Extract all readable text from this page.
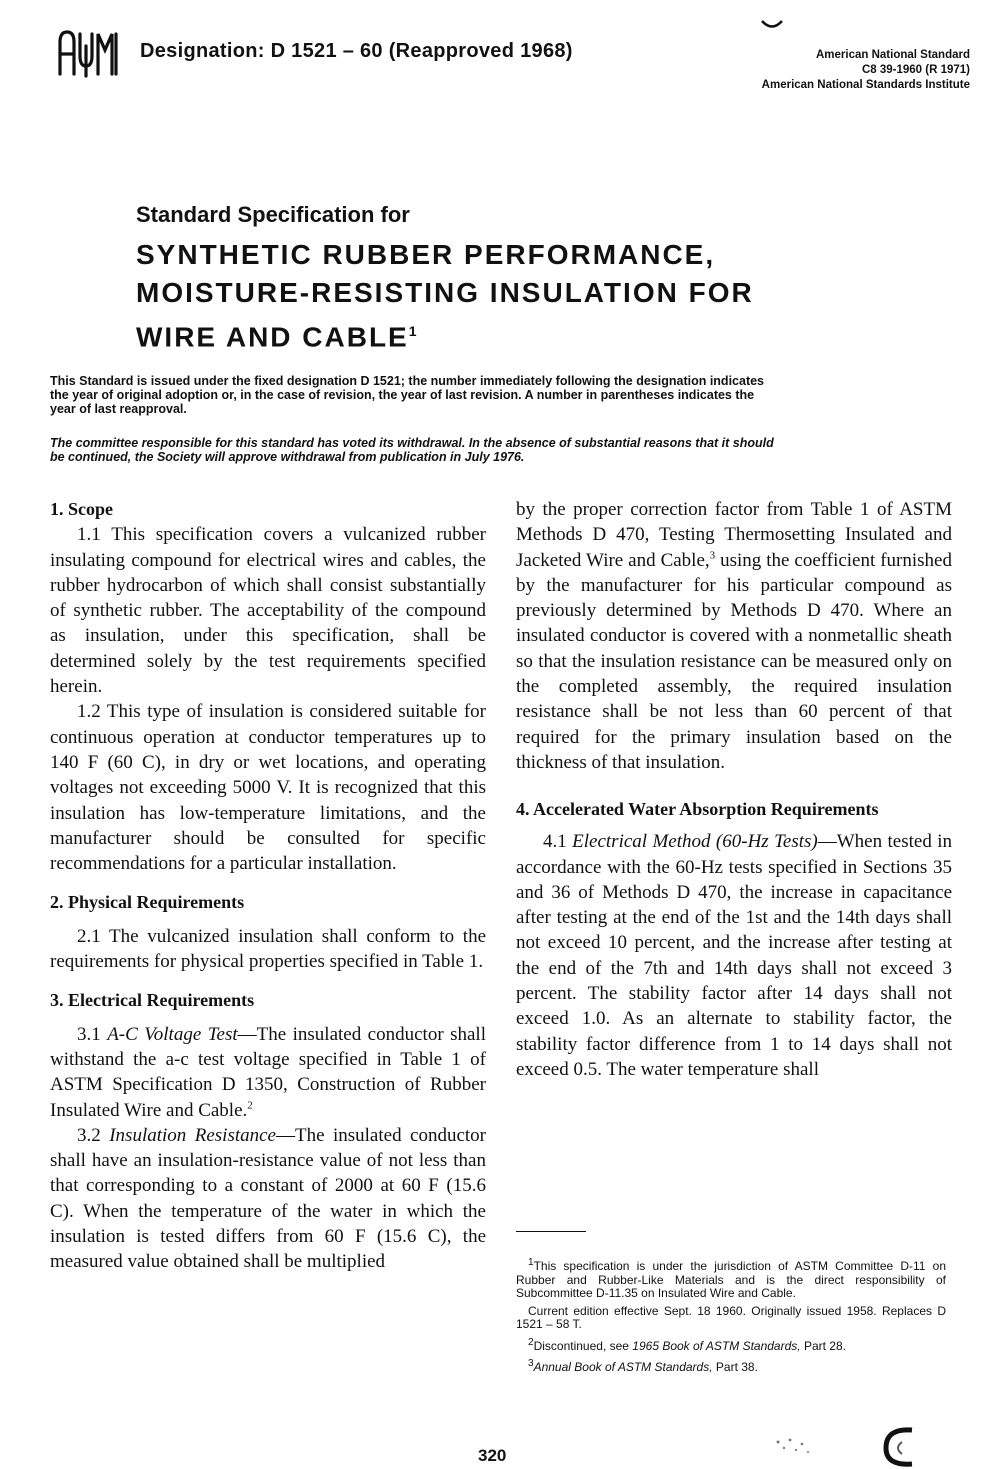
Designation: D 1521 – 60 (Reapproved 1968)	American National Standard
C8 39-1960 (R 1971)
American National Standards Institute
Standard Specification for
SYNTHETIC RUBBER PERFORMANCE,
MOISTURE-RESISTING INSULATION FOR
WIRE AND CABLE$^1$
This Standard is issued under the fixed designation D 1521; the number immediately following the designation indicates
the year of original adoption or, in the case of revision, the year of last revision. A number in parentheses indicates the
year of last reapproval.
The committee responsible for this standard has voted its withdrawal. In the absence of substantial reasons that it should
be continued, the Society will approve withdrawal from publication in July 1976.

1. Scope

1.1 This specification covers a vulcanized rubber insulating compound for electrical wires and cables, the rubber hydrocarbon of which shall consist substantially of synthetic rubber. The acceptability of the compound as insulation, under this specification, shall be determined solely by the test requirements specified herein.

1.2 This type of insulation is considered suitable for continuous operation at conductor temperatures up to 140 F (60 C), in dry or wet locations, and operating voltages not exceeding 5000 V. It is recognized that this insulation has low-temperature limitations, and the manufacturer should be consulted for specific recommendations for a particular installation.

2. Physical Requirements

2.1 The vulcanized insulation shall conform to the requirements for physical properties specified in Table 1.

3. Electrical Requirements

3.1 A-C Voltage Test—The insulated conductor shall withstand the a-c test voltage specified in Table 1 of ASTM Specification D 1350, Construction of Rubber Insulated Wire and Cable.$^2$

3.2 Insulation Resistance—The insulated conductor shall have an insulation-resistance value of not less than that corresponding to a constant of 2000 at 60 F (15.6 C). When the temperature of the water in which the insulation is tested differs from 60 F (15.6 C), the measured value obtained shall be multiplied

by the proper correction factor from Table 1 of ASTM Methods D 470, Testing Thermosetting Insulated and Jacketed Wire and Cable,$^3$ using the coefficient furnished by the manufacturer for his particular compound as previously determined by Methods D 470. Where an insulated conductor is covered with a nonmetallic sheath so that the insulation resistance can be measured only on the completed assembly, the required insulation resistance shall be not less than 60 percent of that required for the primary insulation based on the thickness of that insulation.

4. Accelerated Water Absorption Requirements

4.1 Electrical Method (60-Hz Tests)—When tested in accordance with the 60-Hz tests specified in Sections 35 and 36 of Methods D 470, the increase in capacitance after testing at the end of the 1st and the 14th days shall not exceed 10 percent, and the increase after testing at the end of the 7th and 14th days shall not exceed 3 percent. The stability factor after 14 days shall not exceed 1.0. As an alternate to stability factor, the stability factor difference from 1 to 14 days shall not exceed 0.5. The water temperature shall

$^1$This specification is under the jurisdiction of ASTM Committee D-11 on Rubber and Rubber-Like Materials and is the direct responsibility of Subcommittee D-11.35 on Insulated Wire and Cable.

Current edition effective Sept. 18 1960. Originally issued 1958. Replaces D 1521 – 58 T.

$^2$Discontinued, see 1965 Book of ASTM Standards, Part 28.

$^3$Annual Book of ASTM Standards, Part 38.

320
